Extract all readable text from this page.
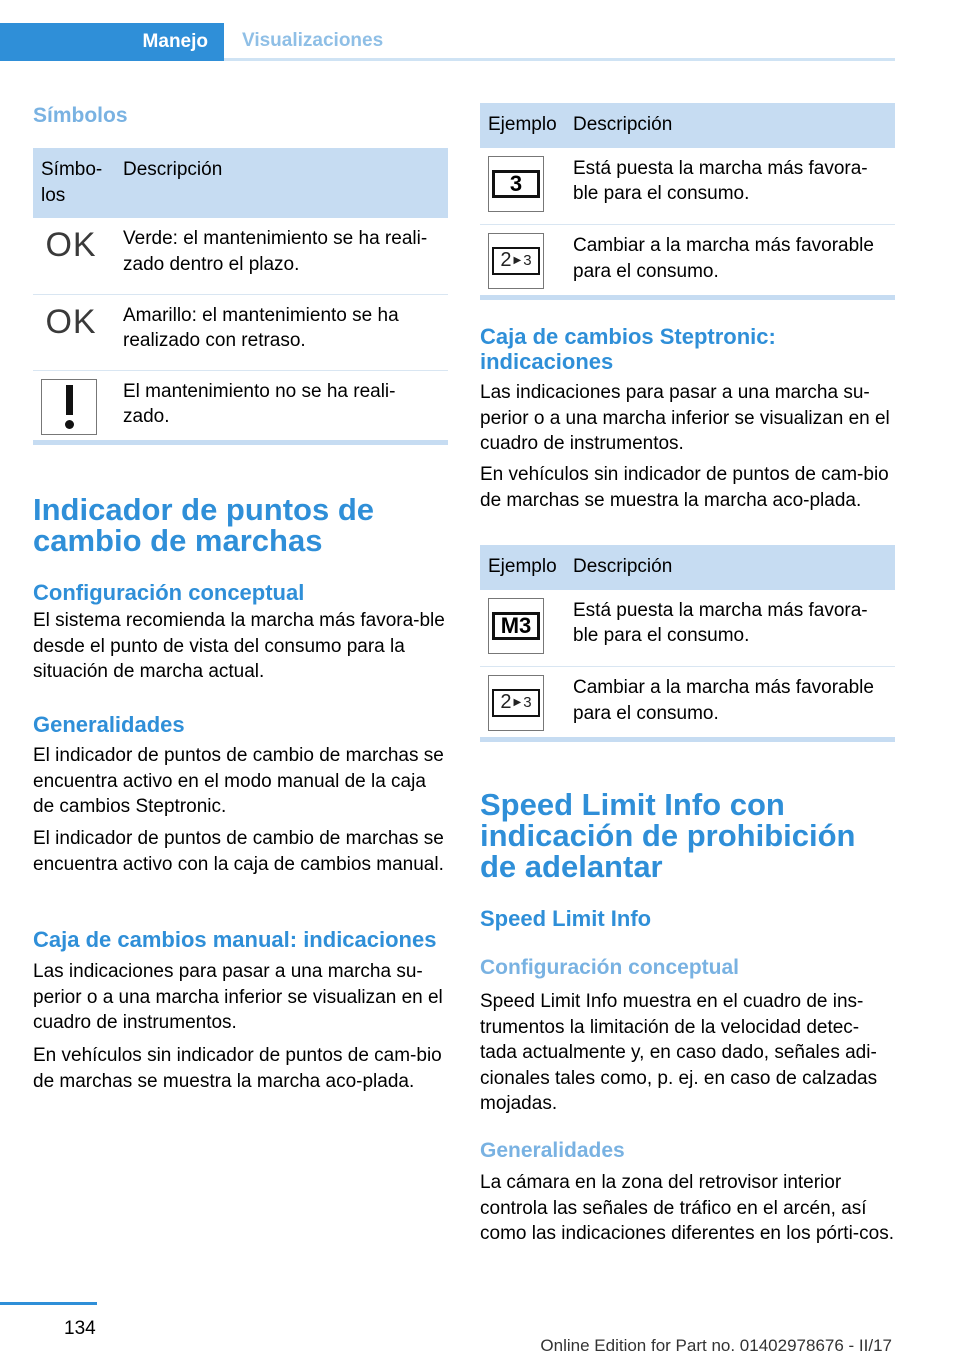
Manejo	Visualizaciones
Símbolos
Símbo-los	Descripción

OK	Verde: el mantenimiento se ha reali-zado dentro el plazo.

OK	Amarillo: el mantenimiento se ha realizado con retraso.

	El mantenimiento no se ha reali-zado.
Indicador de puntos de cambio de marchas
Configuración conceptual
El sistema recomienda la marcha más favora-ble desde el punto de vista del consumo para la situación de marcha actual.
Generalidades
El indicador de puntos de cambio de marchas se encuentra activo en el modo manual de la caja de cambios Steptronic.
El indicador de puntos de cambio de marchas se encuentra activo con la caja de cambios manual.
Caja de cambios manual: indicaciones
Las indicaciones para pasar a una marcha su-perior o a una marcha inferior se visualizan en el cuadro de instrumentos.
En vehículos sin indicador de puntos de cam-bio de marchas se muestra la marcha aco-plada.
Ejemplo	Descripción

3	Está puesta la marcha más favora-ble para el consumo.

2 ▶ 3	Cambiar a la marcha más favorable para el consumo.
Caja de cambios Steptronic: indicaciones
Las indicaciones para pasar a una marcha su-perior o a una marcha inferior se visualizan en el cuadro de instrumentos.
En vehículos sin indicador de puntos de cam-bio de marchas se muestra la marcha aco-plada.
Ejemplo	Descripción

M3	Está puesta la marcha más favora-ble para el consumo.

2 ▶ 3	Cambiar a la marcha más favorable para el consumo.
Speed Limit Info con indicación de prohibición de adelantar
Speed Limit Info
Configuración conceptual
Speed Limit Info muestra en el cuadro de ins-trumentos la limitación de la velocidad detec-tada actualmente y, en caso dado, señales adi-cionales tales como, p. ej. en caso de calzadas mojadas.
Generalidades
La cámara en la zona del retrovisor interior controla las señales de tráfico en el arcén, así como las indicaciones diferentes en los pórti-cos.
134
Online Edition for Part no. 01402978676 - II/17
